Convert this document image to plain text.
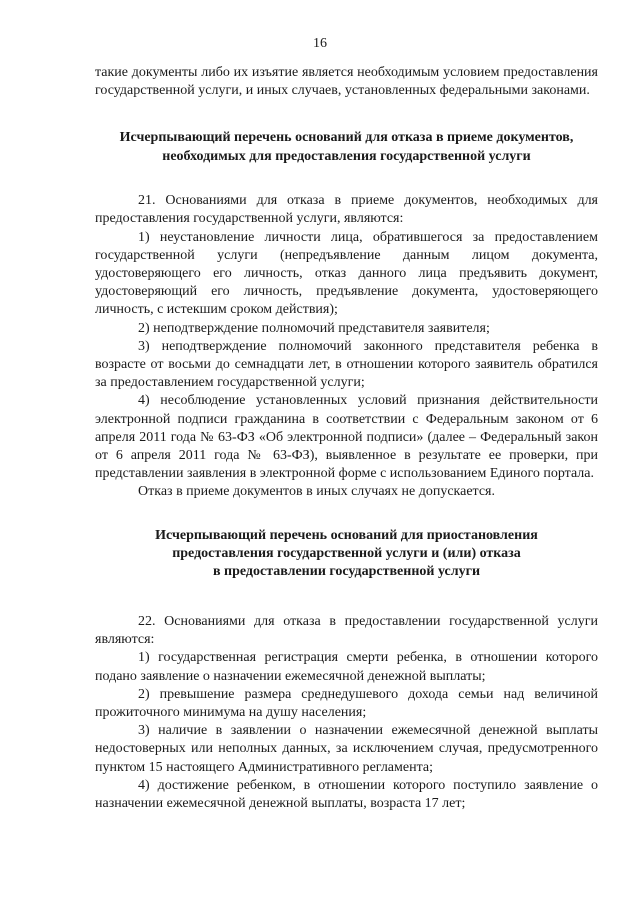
16

такие документы либо их изъятие является необходимым условием предоставления государственной услуги, и иных случаев, установленных федеральными законами.

Исчерпывающий перечень оснований для отказа в приеме документов,
необходимых для предоставления государственной услуги

21. Основаниями для отказа в приеме документов, необходимых для предоставления государственной услуги, являются:

1) неустановление личности лица, обратившегося за предоставлением государственной услуги (непредъявление данным лицом документа, удостоверяющего его личность, отказ данного лица предъявить документ, удостоверяющий его личность, предъявление документа, удостоверяющего личность, с истекшим сроком действия);

2) неподтверждение полномочий представителя заявителя;

3) неподтверждение полномочий законного представителя ребенка в возрасте от восьми до семнадцати лет, в отношении которого заявитель обратился за предоставлением государственной услуги;

4) несоблюдение установленных условий признания действительности электронной подписи гражданина в соответствии с Федеральным законом от 6 апреля 2011 года № 63-ФЗ «Об электронной подписи» (далее – Федеральный закон от 6 апреля 2011 года № 63-ФЗ), выявленное в результате ее проверки, при представлении заявления в электронной форме с использованием Единого портала.

Отказ в приеме документов в иных случаях не допускается.

Исчерпывающий перечень оснований для приостановления
предоставления государственной услуги и (или) отказа
в предоставлении государственной услуги

22. Основаниями для отказа в предоставлении государственной услуги являются:

1) государственная регистрация смерти ребенка, в отношении которого подано заявление о назначении ежемесячной денежной выплаты;

2) превышение размера среднедушевого дохода семьи над величиной прожиточного минимума на душу населения;

3) наличие в заявлении о назначении ежемесячной денежной выплаты недостоверных или неполных данных, за исключением случая, предусмотренного пунктом 15 настоящего Административного регламента;

4) достижение ребенком, в отношении которого поступило заявление о назначении ежемесячной денежной выплаты, возраста 17 лет;
